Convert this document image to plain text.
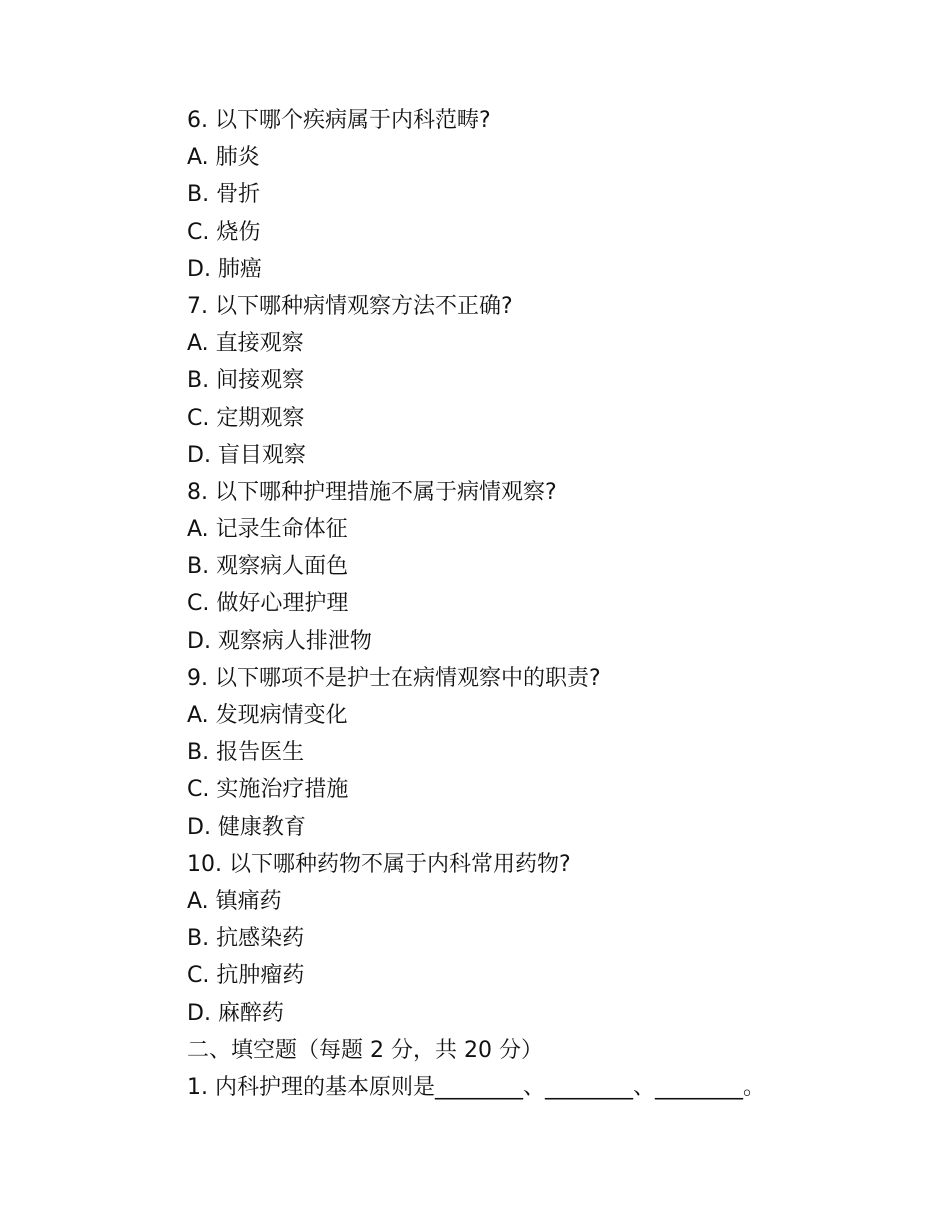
6. 以下哪个疾病属于内科范畴?
A. 肺炎
B. 骨折
C. 烧伤
D. 肺癌
7. 以下哪种病情观察方法不正确?
A. 直接观察
B. 间接观察
C. 定期观察
D. 盲目观察
8. 以下哪种护理措施不属于病情观察?
A. 记录生命体征
B. 观察病人面色
C. 做好心理护理
D. 观察病人排泄物
9. 以下哪项不是护士在病情观察中的职责?
A. 发现病情变化
B. 报告医生
C. 实施治疗措施
D. 健康教育
10. 以下哪种药物不属于内科常用药物?
A. 镇痛药
B. 抗感染药
C. 抗肿瘤药
D. 麻醉药
二、填空题（每题 2 分，共 20 分）
1. 内科护理的基本原则是________、________、________。
